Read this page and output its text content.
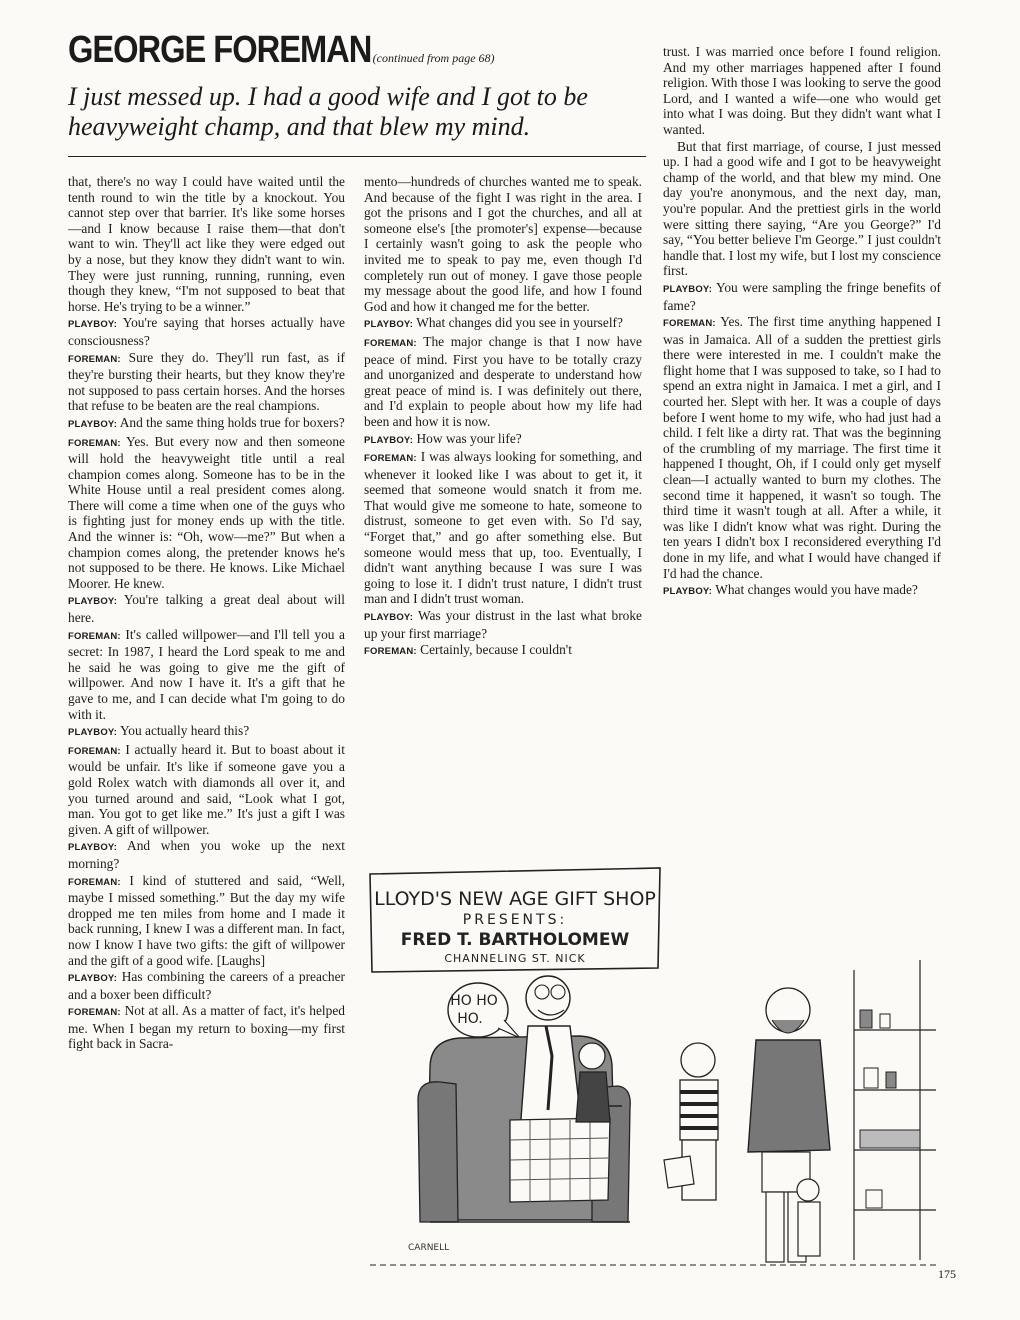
GEORGE FOREMAN (continued from page 68)
I just messed up. I had a good wife and I got to be heavyweight champ, and that blew my mind.

that, there's no way I could have waited until the tenth round to win the title by a knockout. You cannot step over that barrier. It's like some horses—and I know because I raise them—that don't want to win. They'll act like they were edged out by a nose, but they know they didn't want to win. They were just running, running, running, even though they knew, “I'm not supposed to beat that horse. He's trying to be a winner.”

PLAYBOY: You're saying that horses actually have consciousness?

FOREMAN: Sure they do. They'll run fast, as if they're bursting their hearts, but they know they're not supposed to pass certain horses. And the horses that refuse to be beaten are the real champions.

PLAYBOY: And the same thing holds true for boxers?

FOREMAN: Yes. But every now and then someone will hold the heavyweight title until a real champion comes along. Someone has to be in the White House until a real president comes along. There will come a time when one of the guys who is fighting just for money ends up with the title. And the winner is: “Oh, wow—me?” But when a champion comes along, the pretender knows he's not supposed to be there. He knows. Like Michael Moorer. He knew.

PLAYBOY: You're talking a great deal about will here.

FOREMAN: It's called willpower—and I'll tell you a secret: In 1987, I heard the Lord speak to me and he said he was going to give me the gift of willpower. And now I have it. It's a gift that he gave to me, and I can decide what I'm going to do with it.

PLAYBOY: You actually heard this?

FOREMAN: I actually heard it. But to boast about it would be unfair. It's like if someone gave you a gold Rolex watch with diamonds all over it, and you turned around and said, “Look what I got, man. You got to get like me.” It's just a gift I was given. A gift of willpower.

PLAYBOY: And when you woke up the next morning?

FOREMAN: I kind of stuttered and said, “Well, maybe I missed something.” But the day my wife dropped me ten miles from home and I made it back running, I knew I was a different man. In fact, now I know I have two gifts: the gift of willpower and the gift of a good wife. [Laughs]

PLAYBOY: Has combining the careers of a preacher and a boxer been difficult?

FOREMAN: Not at all. As a matter of fact, it's helped me. When I began my return to boxing—my first fight back in Sacra-

mento—hundreds of churches wanted me to speak. And because of the fight I was right in the area. I got the prisons and I got the churches, and all at someone else's [the promoter's] expense—because I certainly wasn't going to ask the people who invited me to speak to pay me, even though I'd completely run out of money. I gave those people my message about the good life, and how I found God and how it changed me for the better.

PLAYBOY: What changes did you see in yourself?

FOREMAN: The major change is that I now have peace of mind. First you have to be totally crazy and unorganized and desperate to understand how great peace of mind is. I was definitely out there, and I'd explain to people about how my life had been and how it is now.

PLAYBOY: How was your life?

FOREMAN: I was always looking for something, and whenever it looked like I was about to get it, it seemed that someone would snatch it from me. That would give me someone to hate, someone to distrust, someone to get even with. So I'd say, “Forget that,” and go after something else. But someone would mess that up, too. Eventually, I didn't want anything because I was sure I was going to lose it. I didn't trust nature, I didn't trust man and I didn't trust woman.

PLAYBOY: Was your distrust in the last what broke up your first marriage?

FOREMAN: Certainly, because I couldn't

trust. I was married once before I found religion. And my other marriages happened after I found religion. With those I was looking to serve the good Lord, and I wanted a wife—one who would get into what I was doing. But they didn't want what I wanted.

But that first marriage, of course, I just messed up. I had a good wife and I got to be heavyweight champ of the world, and that blew my mind. One day you're anonymous, and the next day, man, you're popular. And the prettiest girls in the world were sitting there saying, “Are you George?” I'd say, “You better believe I'm George.” I just couldn't handle that. I lost my wife, but I lost my conscience first.

PLAYBOY: You were sampling the fringe benefits of fame?

FOREMAN: Yes. The first time anything happened I was in Jamaica. All of a sudden the prettiest girls there were interested in me. I couldn't make the flight home that I was supposed to take, so I had to spend an extra night in Jamaica. I met a girl, and I courted her. Slept with her. It was a couple of days before I went home to my wife, who had just had a child. I felt like a dirty rat. That was the beginning of the crumbling of my marriage. The first time it happened I thought, Oh, if I could only get myself clean—I actually wanted to burn my clothes. The second time it happened, it wasn't so tough. The third time it wasn't tough at all. After a while, it was like I didn't know what was right. During the ten years I didn't box I reconsidered everything I'd done in my life, and what I would have changed if I'd had the chance.

PLAYBOY: What changes would you have made?

LLOYD'S NEW AGE GIFT SHOP
PRESENTS:
FRED T. BARTHOLOMEW
CHANNELING ST. NICK
HO HO
HO.
CARNELL
175
